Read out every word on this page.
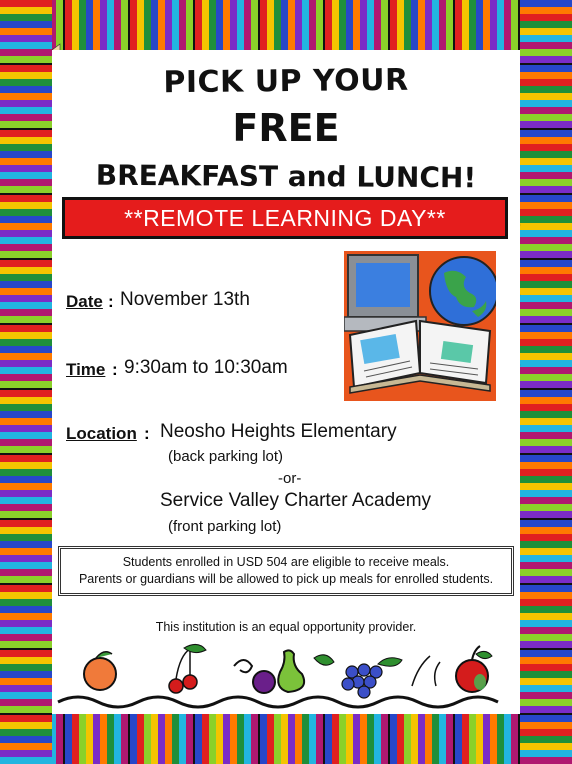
PICK UP YOUR
FREE
BREAKFAST and LUNCH!
**REMOTE LEARNING DAY**
Date : November 13th
Time : 9:30am to 10:30am
Location : Neosho Heights Elementary
(back parking lot)
-or-
Service Valley Charter Academy
(front parking lot)
Students enrolled in USD 504 are eligible to receive meals.
Parents or guardians will be allowed to pick up meals for enrolled students.
This institution is an equal opportunity provider.
